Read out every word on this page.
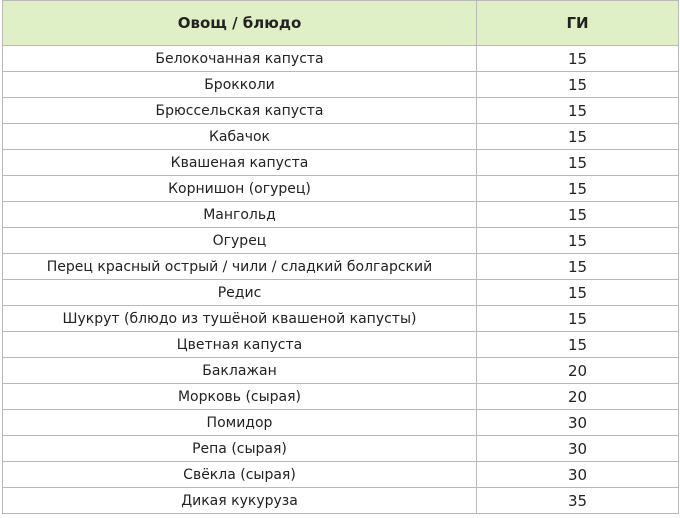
Овощ / блюдо	ГИ
Белокочанная капуста	15
Брокколи	15
Брюссельская капуста	15
Кабачок	15
Квашеная капуста	15
Корнишон (огурец)	15
Мангольд	15
Огурец	15
Перец красный острый / чили / сладкий болгарский	15
Редис	15
Шукрут (блюдо из тушёной квашеной капусты)	15
Цветная капуста	15
Баклажан	20
Морковь (сырая)	20
Помидор	30
Репа (сырая)	30
Свёкла (сырая)	30
Дикая кукуруза	35
